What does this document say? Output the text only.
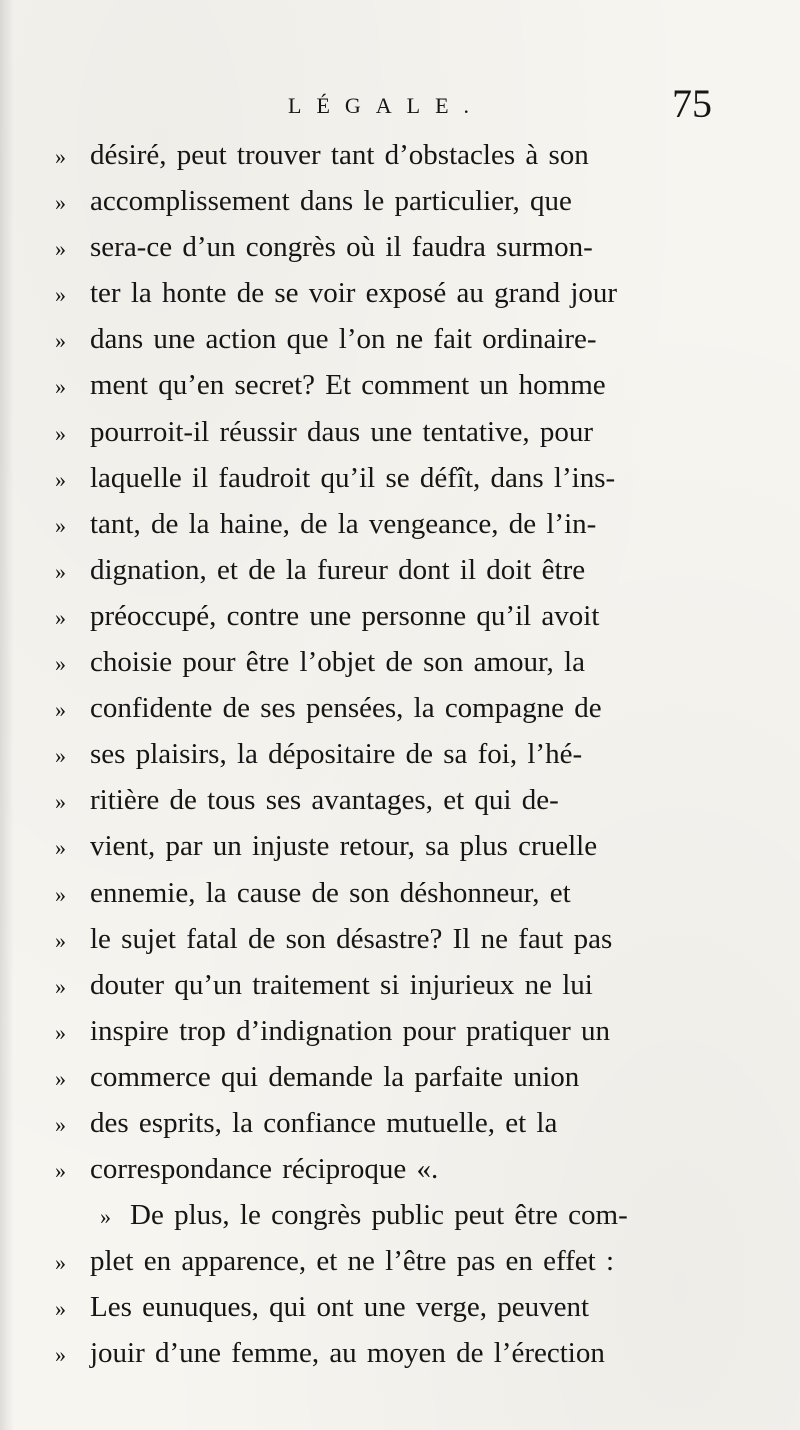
LÉGALE.	75
» désiré, peut trouver tant d’obstacles à son
» accomplissement dans le particulier, que
» sera-ce d’un congrès où il faudra surmon-
» ter la honte de se voir exposé au grand jour
» dans une action que l’on ne fait ordinaire-
» ment qu’en secret? Et comment un homme
» pourroit-il réussir daus une tentative, pour
» laquelle il faudroit qu’il se défît, dans l’ins-
» tant, de la haine, de la vengeance, de l’in-
» dignation, et de la fureur dont il doit être
» préoccupé, contre une personne qu’il avoit
» choisie pour être l’objet de son amour, la
» confidente de ses pensées, la compagne de
» ses plaisirs, la dépositaire de sa foi, l’hé-
» ritière de tous ses avantages, et qui de-
» vient, par un injuste retour, sa plus cruelle
» ennemie, la cause de son déshonneur, et
» le sujet fatal de son désastre? Il ne faut pas
» douter qu’un traitement si injurieux ne lui
» inspire trop d’indignation pour pratiquer un
» commerce qui demande la parfaite union
» des esprits, la confiance mutuelle, et la
» correspondance réciproque «.
» De plus, le congrès public peut être com-
» plet en apparence, et ne l’être pas en effet :
» Les eunuques, qui ont une verge, peuvent
» jouir d’une femme, au moyen de l’érection
